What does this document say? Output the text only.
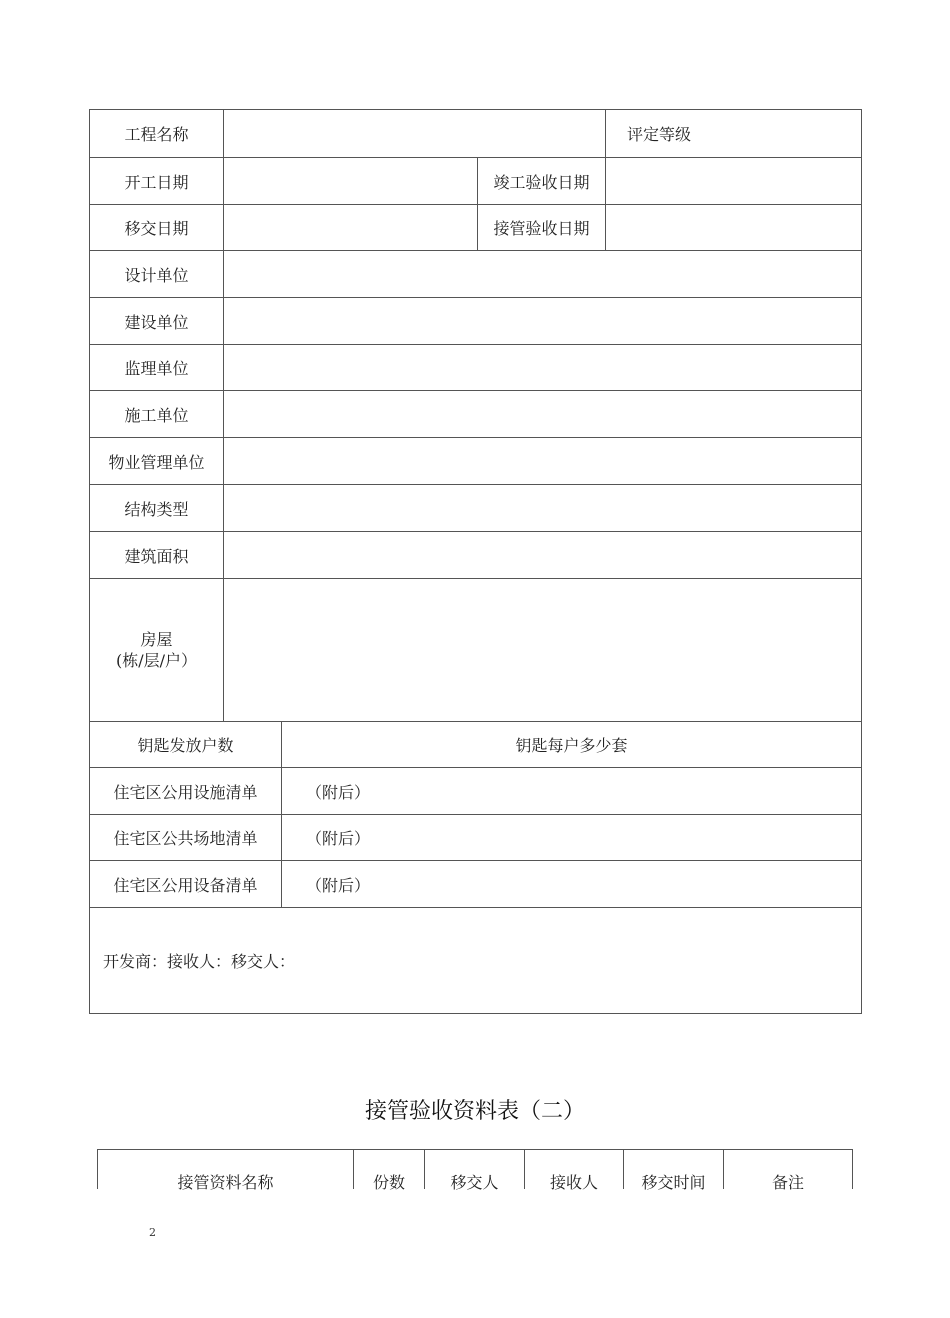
工程名称	评定等级
开工日期	竣工验收日期
移交日期	接管验收日期
设计单位
建设单位
监理单位
施工单位
物业管理单位
结构类型
建筑面积
房屋
(栋/层/户）
钥匙发放户数	钥匙每户多少套
住宅区公用设施清单	（附后）
住宅区公共场地清单	（附后）
住宅区公用设备清单	（附后）
开发商：接收人：移交人：
接管验收资料表（二）
接管资料名称	份数	移交人	接收人	移交时间	备注
2
